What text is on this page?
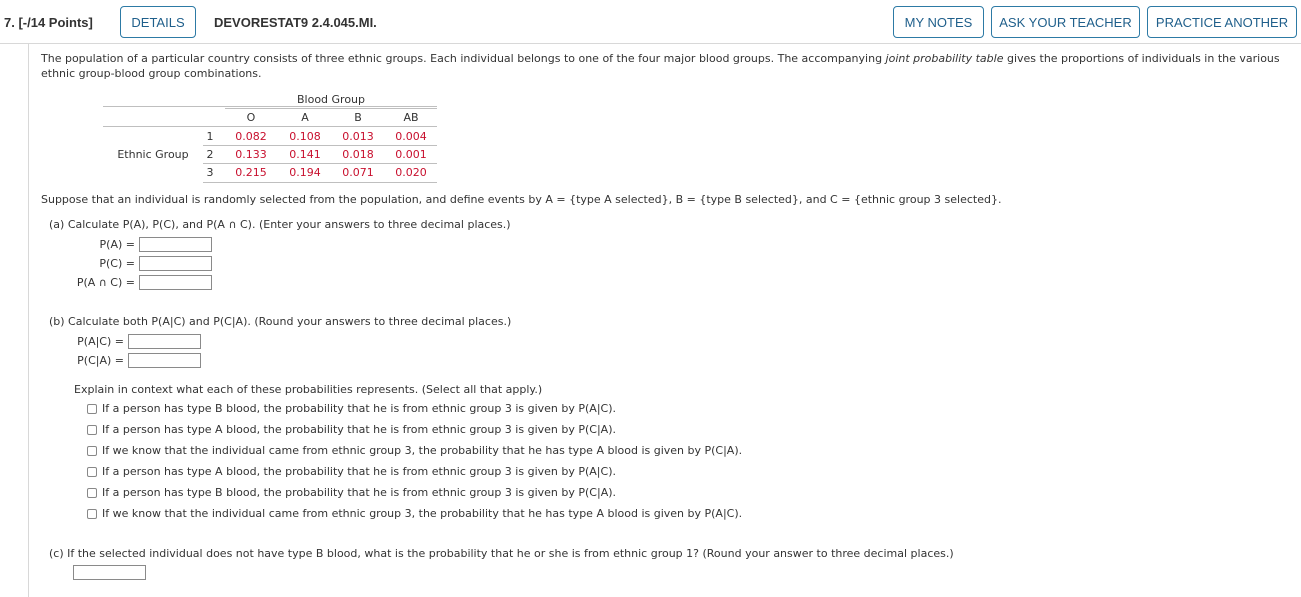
7. [-/14 Points]	DETAILS	DEVORESTAT9 2.4.045.MI.	MY NOTES	ASK YOUR TEACHER	PRACTICE ANOTHER
The population of a particular country consists of three ethnic groups. Each individual belongs to one of the four major blood groups. The accompanying joint probability table gives the proportions of individuals in the various ethnic group-blood group combinations.
Blood Group
O	A	B	AB
Ethnic Group
1	0.082	0.108	0.013	0.004
2	0.133	0.141	0.018	0.001
3	0.215	0.194	0.071	0.020
Suppose that an individual is randomly selected from the population, and define events by A = {type A selected}, B = {type B selected}, and C = {ethnic group 3 selected}.
(a) Calculate P(A), P(C), and P(A ∩ C). (Enter your answers to three decimal places.)
P(A) =
P(C) =
P(A ∩ C) =
(b) Calculate both P(A|C) and P(C|A). (Round your answers to three decimal places.)
P(A|C) =
P(C|A) =
Explain in context what each of these probabilities represents. (Select all that apply.)
If a person has type B blood, the probability that he is from ethnic group 3 is given by P(A|C).
If a person has type A blood, the probability that he is from ethnic group 3 is given by P(C|A).
If we know that the individual came from ethnic group 3, the probability that he has type A blood is given by P(C|A).
If a person has type A blood, the probability that he is from ethnic group 3 is given by P(A|C).
If a person has type B blood, the probability that he is from ethnic group 3 is given by P(C|A).
If we know that the individual came from ethnic group 3, the probability that he has type A blood is given by P(A|C).
(c) If the selected individual does not have type B blood, what is the probability that he or she is from ethnic group 1? (Round your answer to three decimal places.)
